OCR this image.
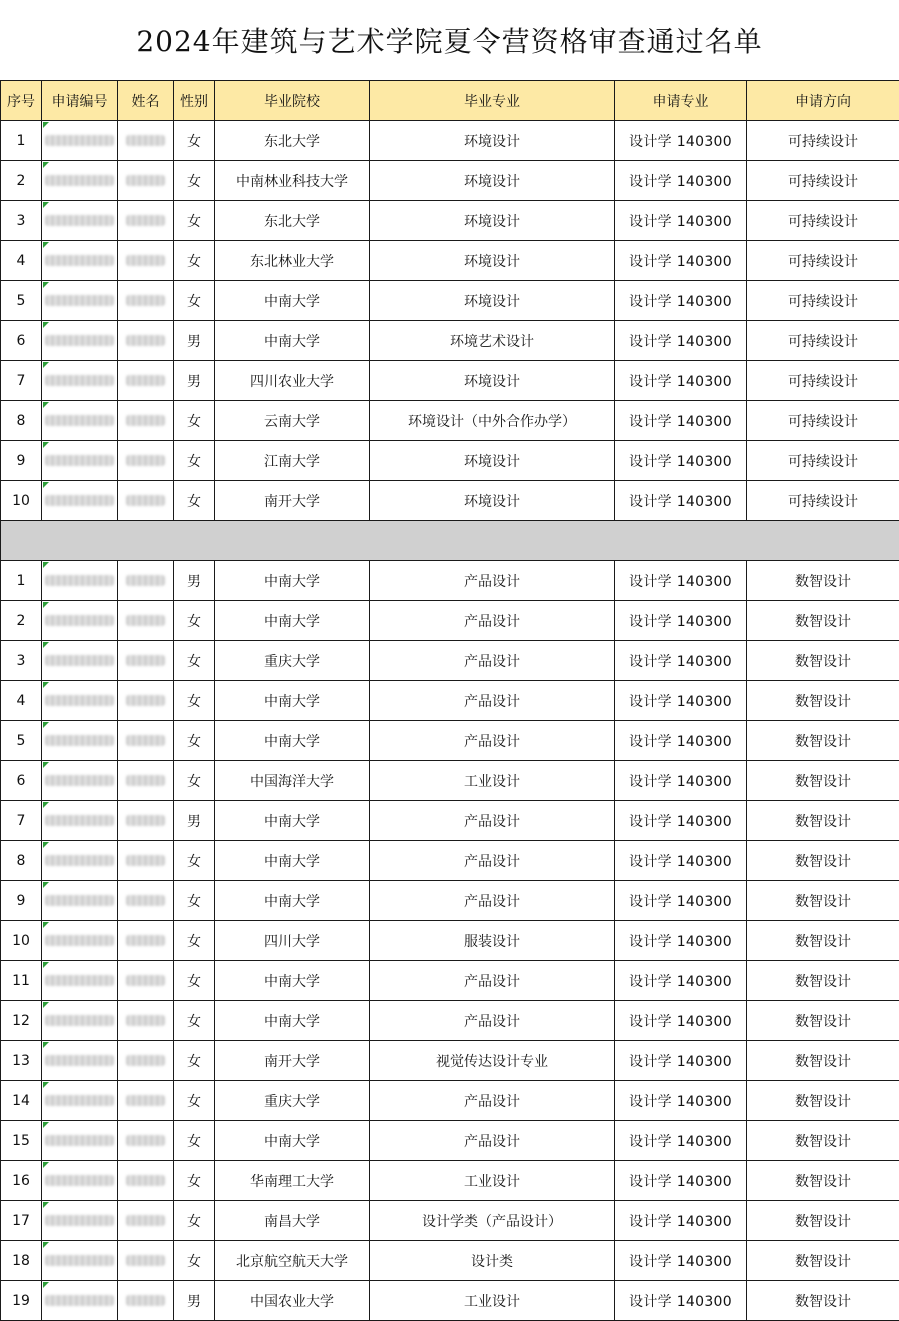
2024年建筑与艺术学院夏令营资格审查通过名单
序号	申请编号	姓名	性别	毕业院校	毕业专业	申请专业	申请方向
1			女	东北大学	环境设计	设计学 140300	可持续设计
2			女	中南林业科技大学	环境设计	设计学 140300	可持续设计
3			女	东北大学	环境设计	设计学 140300	可持续设计
4			女	东北林业大学	环境设计	设计学 140300	可持续设计
5			女	中南大学	环境设计	设计学 140300	可持续设计
6			男	中南大学	环境艺术设计	设计学 140300	可持续设计
7			男	四川农业大学	环境设计	设计学 140300	可持续设计
8			女	云南大学	环境设计（中外合作办学）	设计学 140300	可持续设计
9			女	江南大学	环境设计	设计学 140300	可持续设计
10			女	南开大学	环境设计	设计学 140300	可持续设计

1			男	中南大学	产品设计	设计学 140300	数智设计
2			女	中南大学	产品设计	设计学 140300	数智设计
3			女	重庆大学	产品设计	设计学 140300	数智设计
4			女	中南大学	产品设计	设计学 140300	数智设计
5			女	中南大学	产品设计	设计学 140300	数智设计
6			女	中国海洋大学	工业设计	设计学 140300	数智设计
7			男	中南大学	产品设计	设计学 140300	数智设计
8			女	中南大学	产品设计	设计学 140300	数智设计
9			女	中南大学	产品设计	设计学 140300	数智设计
10			女	四川大学	服装设计	设计学 140300	数智设计
11			女	中南大学	产品设计	设计学 140300	数智设计
12			女	中南大学	产品设计	设计学 140300	数智设计
13			女	南开大学	视觉传达设计专业	设计学 140300	数智设计
14			女	重庆大学	产品设计	设计学 140300	数智设计
15			女	中南大学	产品设计	设计学 140300	数智设计
16			女	华南理工大学	工业设计	设计学 140300	数智设计
17			女	南昌大学	设计学类（产品设计）	设计学 140300	数智设计
18			女	北京航空航天大学	设计类	设计学 140300	数智设计
19			男	中国农业大学	工业设计	设计学 140300	数智设计
